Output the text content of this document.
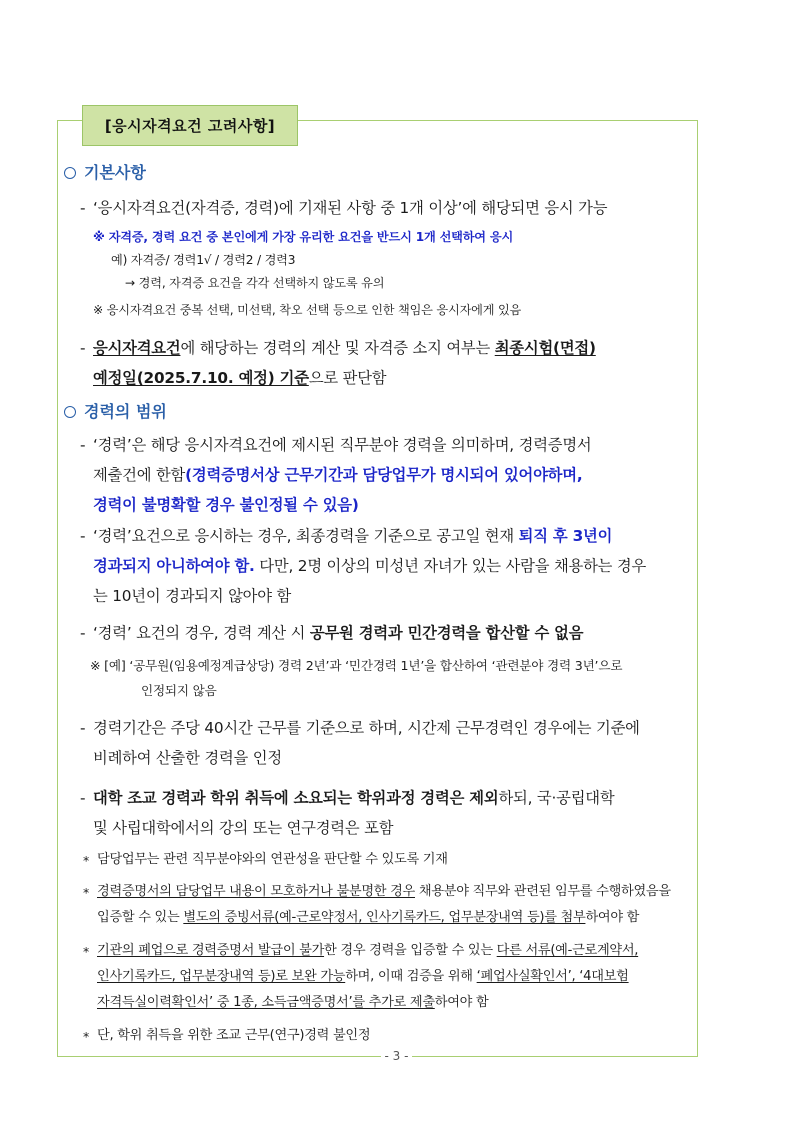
[응시자격요건 고려사항]
기본사항
- ‘응시자격요건(자격증, 경력)에 기재된 사항 중 1개 이상’에 해당되면 응시 가능
※ 자격증, 경력 요건 중 본인에게 가장 유리한 요건을 반드시 1개 선택하여 응시
예) 자격증/ 경력1√ / 경력2 / 경력3
→ 경력, 자격증 요건을 각각 선택하지 않도록 유의
※ 응시자격요건 중복 선택, 미선택, 착오 선택 등으로 인한 책임은 응시자에게 있음
- 응시자격요건에 해당하는 경력의 계산 및 자격증 소지 여부는 최종시험(면접)
예정일(2025.7.10. 예정) 기준으로 판단함
경력의 범위
- ‘경력’은 해당 응시자격요건에 제시된 직무분야 경력을 의미하며, 경력증명서
제출건에 한함(경력증명서상 근무기간과 담당업무가 명시되어 있어야하며,
경력이 불명확할 경우 불인정될 수 있음)
- ‘경력’요건으로 응시하는 경우, 최종경력을 기준으로 공고일 현재 퇴직 후 3년이
경과되지 아니하여야 함. 다만, 2명 이상의 미성년 자녀가 있는 사람을 채용하는 경우
는 10년이 경과되지 않아야 함
- ‘경력’ 요건의 경우, 경력 계산 시 공무원 경력과 민간경력을 합산할 수 없음
※ [예] ‘공무원(임용예정계급상당) 경력 2년’과 ‘민간경력 1년’을 합산하여 ‘관련분야 경력 3년’으로
인정되지 않음
- 경력기간은 주당 40시간 근무를 기준으로 하며, 시간제 근무경력인 경우에는 기준에
비례하여 산출한 경력을 인정
- 대학 조교 경력과 학위 취득에 소요되는 학위과정 경력은 제외하되, 국·공립대학
및 사립대학에서의 강의 또는 연구경력은 포함
* 담당업무는 관련 직무분야와의 연관성을 판단할 수 있도록 기재
* 경력증명서의 담당업무 내용이 모호하거나 불분명한 경우 채용분야 직무와 관련된 임무를 수행하였음을
입증할 수 있는 별도의 증빙서류(예-근로약정서, 인사기록카드, 업무분장내역 등)를 첨부하여야 함
* 기관의 폐업으로 경력증명서 발급이 불가한 경우 경력을 입증할 수 있는 다른 서류(예-근로계약서,
인사기록카드, 업무분장내역 등)로 보완 가능하며, 이때 검증을 위해 ‘폐업사실확인서’, ‘4대보험
자격득실이력확인서’ 중 1종, 소득금액증명서’를 추가로 제출하여야 함
* 단, 학위 취득을 위한 조교 근무(연구)경력 불인정
- 3 -
